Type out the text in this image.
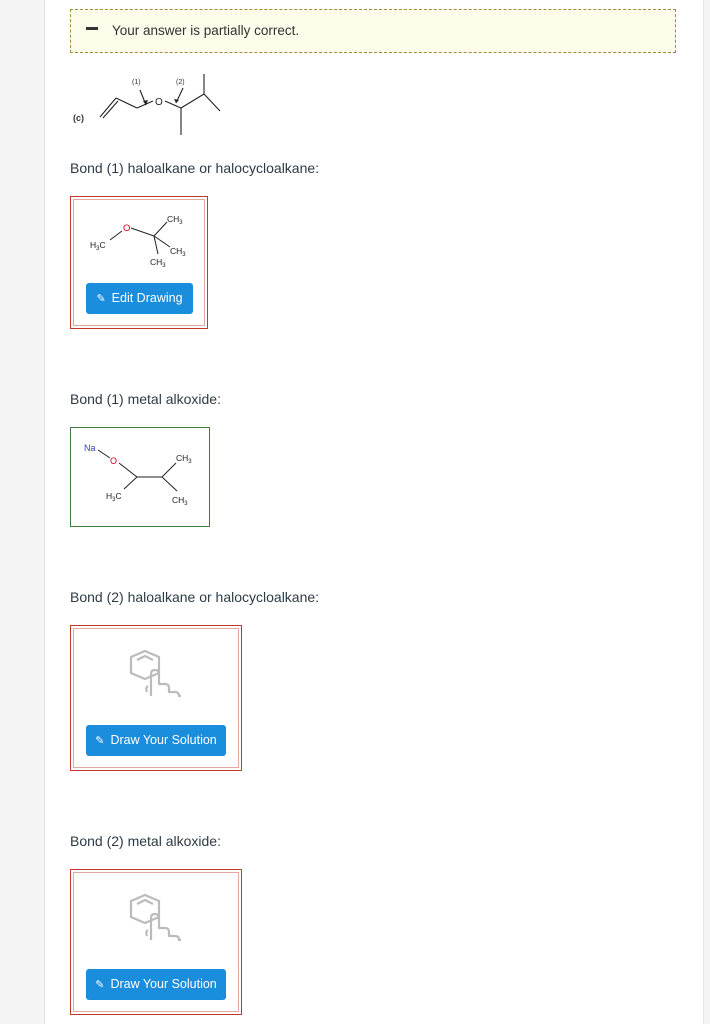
Your answer is partially correct.
(c)
(1)	(2)
O
Bond (1) haloalkane or halocycloalkane:
$H_3C$
O
$CH_3$
$CH_3$
$CH_3$
✎ Edit Drawing
Bond (1) metal alkoxide:
Na
O	$CH_3$
$H_3C$	$CH_3$
Bond (2) haloalkane or halocycloalkane:
✎ Draw Your Solution
Bond (2) metal alkoxide:
✎ Draw Your Solution
